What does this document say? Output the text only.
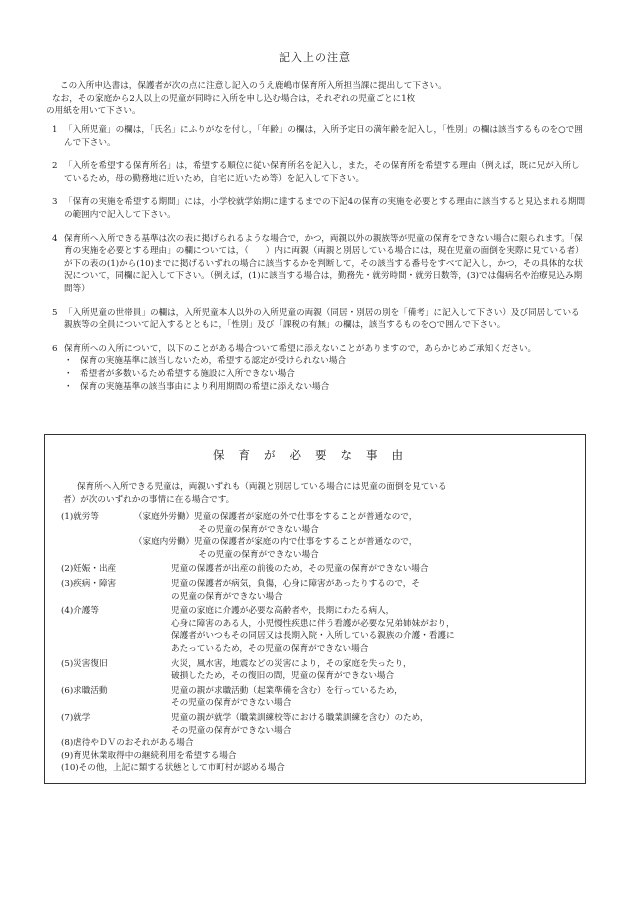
記入上の注意

この入所申込書は，保護者が次の点に注意し記入のうえ鹿嶋市保育所入所担当課に提出して下さい。

なお，その家庭から2人以上の児童が同時に入所を申し込む場合は，それぞれの児童ごとに1枚

の用紙を用いて下さい。

1 「入所児童」の欄は，「氏名」にふりがなを付し，「年齢」の欄は，入所予定日の満年齢を記入し，「性別」の欄は該当するものを○で囲んで下さい。
2 「入所を希望する保育所名」は，希望する順位に従い保育所名を記入し，また，その保育所を希望する理由（例えば，既に兄が入所しているため，母の勤務地に近いため，自宅に近いため等）を記入して下さい。
3 「保育の実施を希望する期間」には，小学校就学始期に達するまでの下記4の保育の実施を必要とする理由に該当すると見込まれる期間の範囲内で記入して下さい。
4 保育所へ入所できる基準は次の表に掲げられるような場合で，かつ，両親以外の親族等が児童の保育をできない場合に限られます。「保育の実施を必要とする理由」の欄については，（　　）内に両親（両親と別居している場合には，現在児童の面倒を実際に見ている者）が下の表の(1)から(10)までに掲げるいずれの場合に該当するかを判断して，その該当する番号をすべて記入し，かつ，その具体的な状況について，同欄に記入して下さい。（例えば，(1)に該当する場合は，勤務先・就労時間・就労日数等，(3)では傷病名や治療見込み期間等）
5 「入所児童の世帯員」の欄は，入所児童本人以外の入所児童の両親（同居・別居の別を「備考」に記入して下さい）及び同居している親族等の全員について記入するとともに，「性別」及び「課税の有無」の欄は，該当するものを○で囲んで下さい。
6 保育所への入所について，以下のことがある場合ついて希望に添えないことがありますので，あらかじめご承知ください。
・ 保育の実施基準に該当しないため，希望する認定が受けられない場合
・ 希望者が多数いるため希望する施設に入所できない場合
・ 保育の実施基準の該当事由により利用期間の希望に添えない場合
保育が必要な事由

保育所へ入所できる児童は，両親いずれも（両親と別居している場合には児童の面倒を見ている

者）が次のいずれかの事情に在る場合です。

(1)就労等	　　（家庭外労働）児童の保護者が家庭の外で仕事をすることが普通なので，
　　　　　　　　　その児童の保育ができない場合
　　（家庭内労働）児童の保護者が家庭の内で仕事をすることが普通なので，
　　　　　　　　　その児童の保育ができない場合
(2)妊娠・出産	児童の保護者が出産の前後のため，その児童の保育ができない場合
(3)疾病・障害	児童の保護者が病気，負傷，心身に障害があったりするので，そ
の児童の保育ができない場合
(4)介護等	児童の家庭に介護が必要な高齢者や，長期にわたる病人，
心身に障害のある人，小児慢性疾患に伴う看護が必要な兄弟姉妹がおり，
保護者がいつもその同居又は長期入院・入所している親族の介護・看護に
あたっているため，その児童の保育ができない場合
(5)災害復旧	火災，風水害，地震などの災害により，その家庭を失ったり，
破損したため，その復旧の間，児童の保育ができない場合
(6)求職活動	児童の親が求職活動（起業準備を含む）を行っているため，
その児童の保育ができない場合
(7)就学	児童の親が就学（職業訓練校等における職業訓練を含む）のため，
その児童の保育ができない場合
(8)虐待やＤＶのおそれがある場合
(9)育児休業取得中の継続利用を希望する場合
(10)その他，上記に類する状態として市町村が認める場合
